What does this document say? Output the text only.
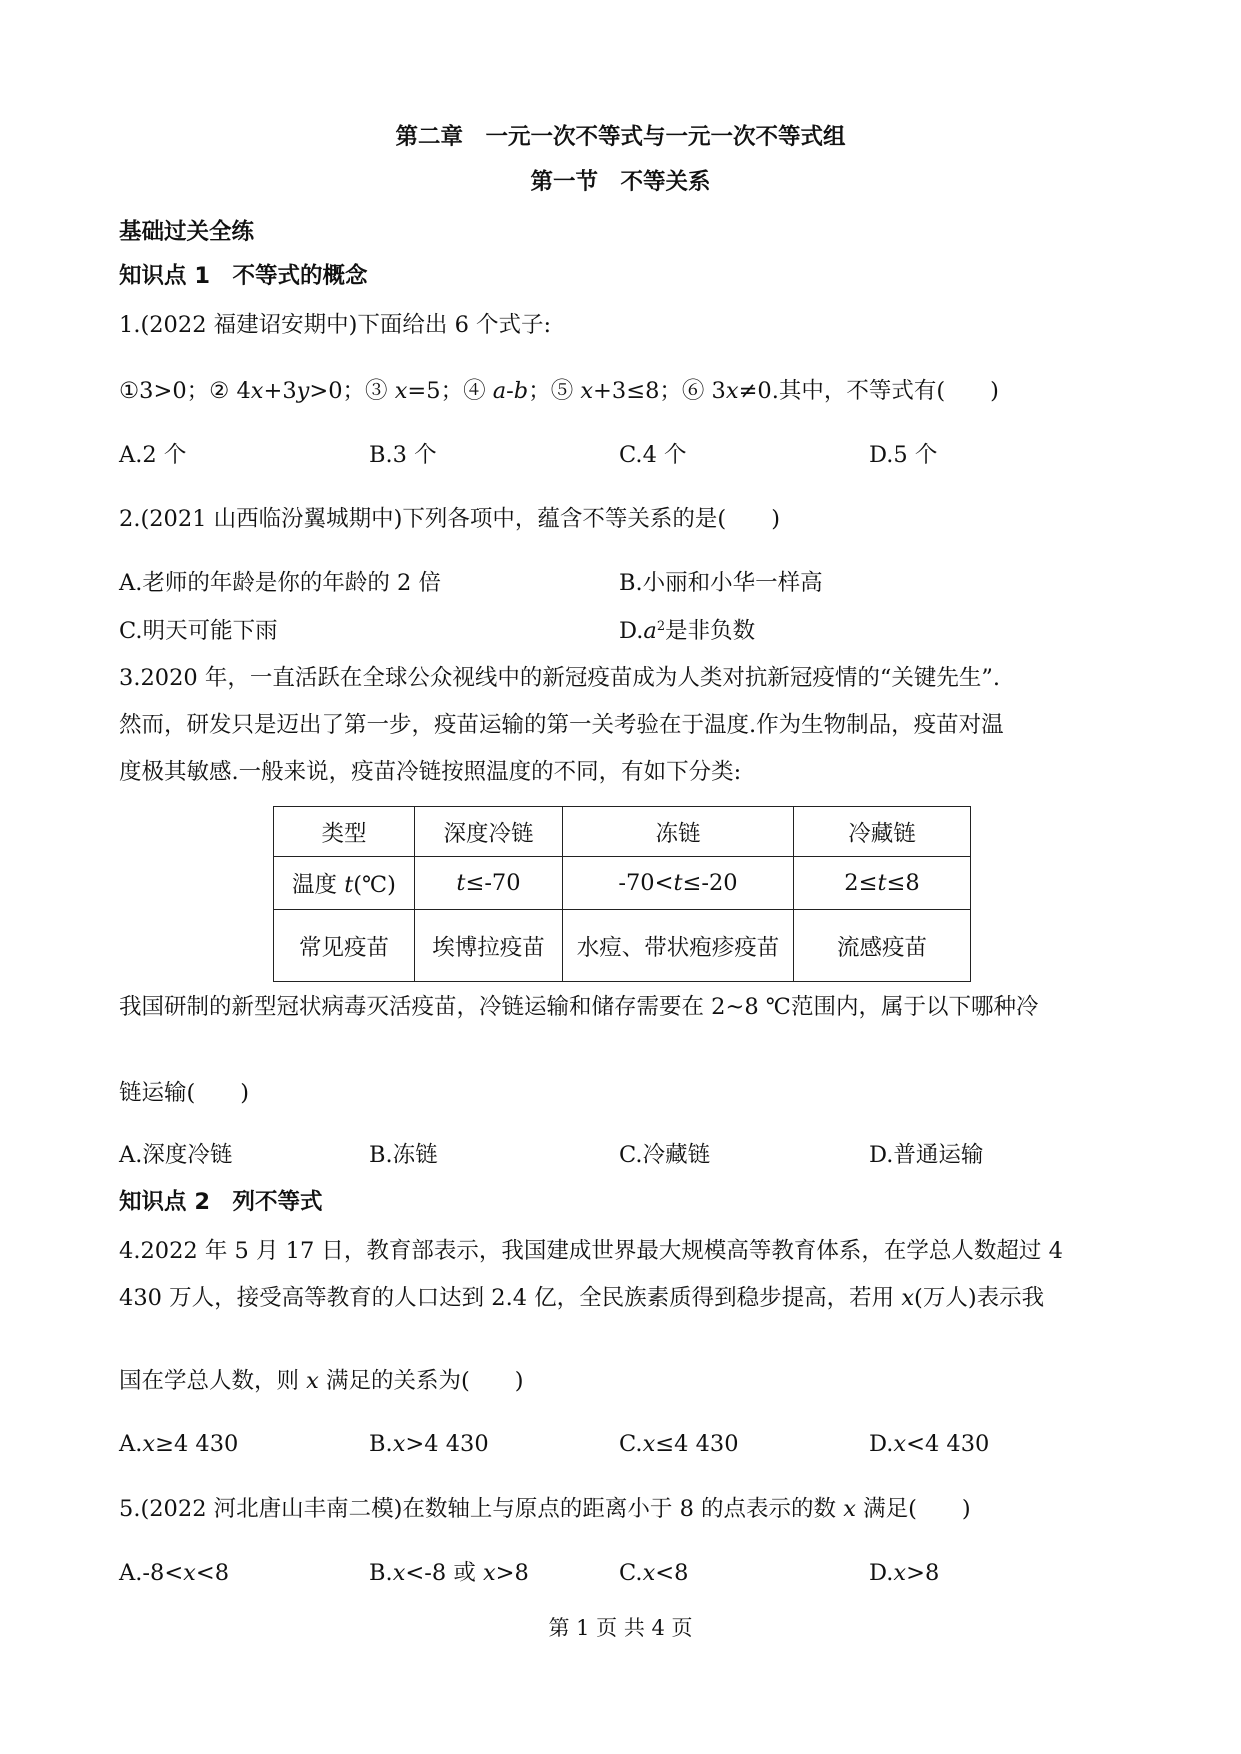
第二章　一元一次不等式与一元一次不等式组
第一节　不等关系
基础过关全练
知识点 1　不等式的概念
1.(2022 福建诏安期中)下面给出 6 个式子:
①3>0；② 4x+3y>0；③ x=5；④ a-b；⑤ x+3≤8；⑥ 3x≠0.其中，不等式有(　　)
A.2 个	B.3 个	C.4 个	D.5 个
2.(2021 山西临汾翼城期中)下列各项中，蕴含不等关系的是(　　)
A.老师的年龄是你的年龄的 2 倍	B.小丽和小华一样高
C.明天可能下雨	$D.a^2$是非负数
3.2020 年，一直活跃在全球公众视线中的新冠疫苗成为人类对抗新冠疫情的“关键先生”.
然而，研发只是迈出了第一步，疫苗运输的第一关考验在于温度.作为生物制品，疫苗对温
度极其敏感.一般来说，疫苗冷链按照温度的不同，有如下分类:
类型	深度冷链	冻链	冷藏链
温度 t(℃)	t≤-70	-70<t≤-20	2≤t≤8
常见疫苗	埃博拉疫苗	水痘、带状疱疹疫苗	流感疫苗
我国研制的新型冠状病毒灭活疫苗，冷链运输和储存需要在 2~8 ℃范围内，属于以下哪种冷
链运输(　　)
A.深度冷链	B.冻链	C.冷藏链	D.普通运输
知识点 2　列不等式
4.2022 年 5 月 17 日，教育部表示，我国建成世界最大规模高等教育体系，在学总人数超过 4
430 万人，接受高等教育的人口达到 2.4 亿，全民族素质得到稳步提高，若用 x(万人)表示我
国在学总人数，则 x 满足的关系为(　　)
A.x≥4 430	B.x>4 430	C.x≤4 430	D.x<4 430
5.(2022 河北唐山丰南二模)在数轴上与原点的距离小于 8 的点表示的数 x 满足(　　)
A.-8<x<8	B.x<-8 或 x>8	C.x<8	D.x>8
第 1 页 共 4 页
